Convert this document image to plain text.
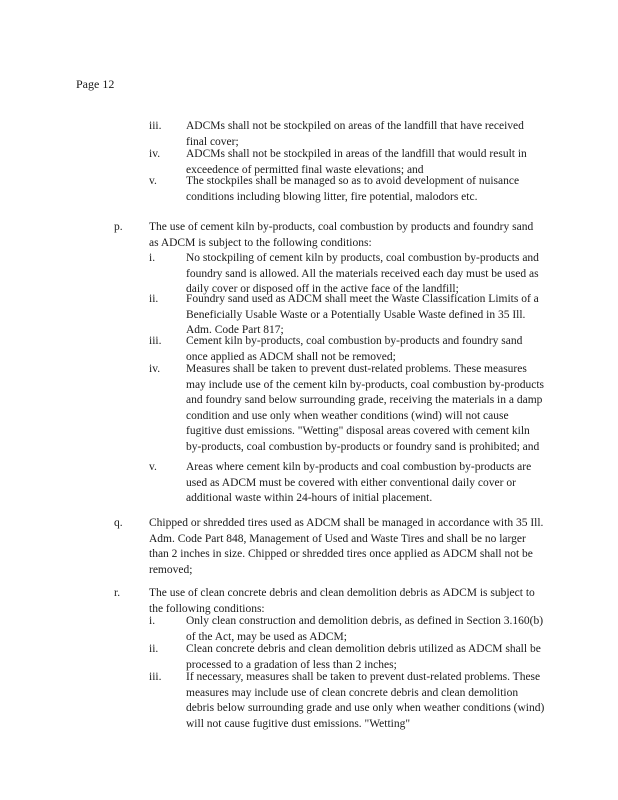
Page 12
iii. ADCMs shall not be stockpiled on areas of the landfill that have received final cover;
iv. ADCMs shall not be stockpiled in areas of the landfill that would result in exceedence of permitted final waste elevations; and
v.	The stockpiles shall be managed so as to avoid development of nuisance conditions including blowing litter, fire potential, malodors etc.
p. The use of cement kiln by-products, coal combustion by products and foundry sand as ADCM is subject to the following conditions:
i.	No stockpiling of cement kiln by products, coal combustion by-products and foundry sand is allowed. All the materials received each day must be used as daily cover or disposed off in the active face of the landfill;
ii. Foundry sand used as ADCM shall meet the Waste Classification Limits of a Beneficially Usable Waste or a Potentially Usable Waste defined in 35 Ill. Adm. Code Part 817;
iii. Cement kiln by-products, coal combustion by-products and foundry sand once applied as ADCM shall not be removed;
iv. Measures shall be taken to prevent dust-related problems. These measures may include use of the cement kiln by-products, coal combustion by-products and foundry sand below surrounding grade, receiving the materials in a damp condition and use only when weather conditions (wind) will not cause fugitive dust emissions. "Wetting" disposal areas covered with cement kiln by-products, coal combustion by-products or foundry sand is prohibited; and
v.	Areas where cement kiln by-products and coal combustion by-products are used as ADCM must be covered with either conventional daily cover or additional waste within 24-hours of initial placement.
q. Chipped or shredded tires used as ADCM shall be managed in accordance with 35 Ill. Adm. Code Part 848, Management of Used and Waste Tires and shall be no larger than 2 inches in size. Chipped or shredded tires once applied as ADCM shall not be removed;
r.	The use of clean concrete debris and clean demolition debris as ADCM is subject to the following conditions:
i.	Only clean construction and demolition debris, as defined in Section 3.160(b) of the Act, may be used as ADCM;
ii. Clean concrete debris and clean demolition debris utilized as ADCM shall be processed to a gradation of less than 2 inches;
iii. If necessary, measures shall be taken to prevent dust-related problems. These measures may include use of clean concrete debris and clean demolition debris below surrounding grade and use only when weather conditions (wind) will not cause fugitive dust emissions. "Wetting"
